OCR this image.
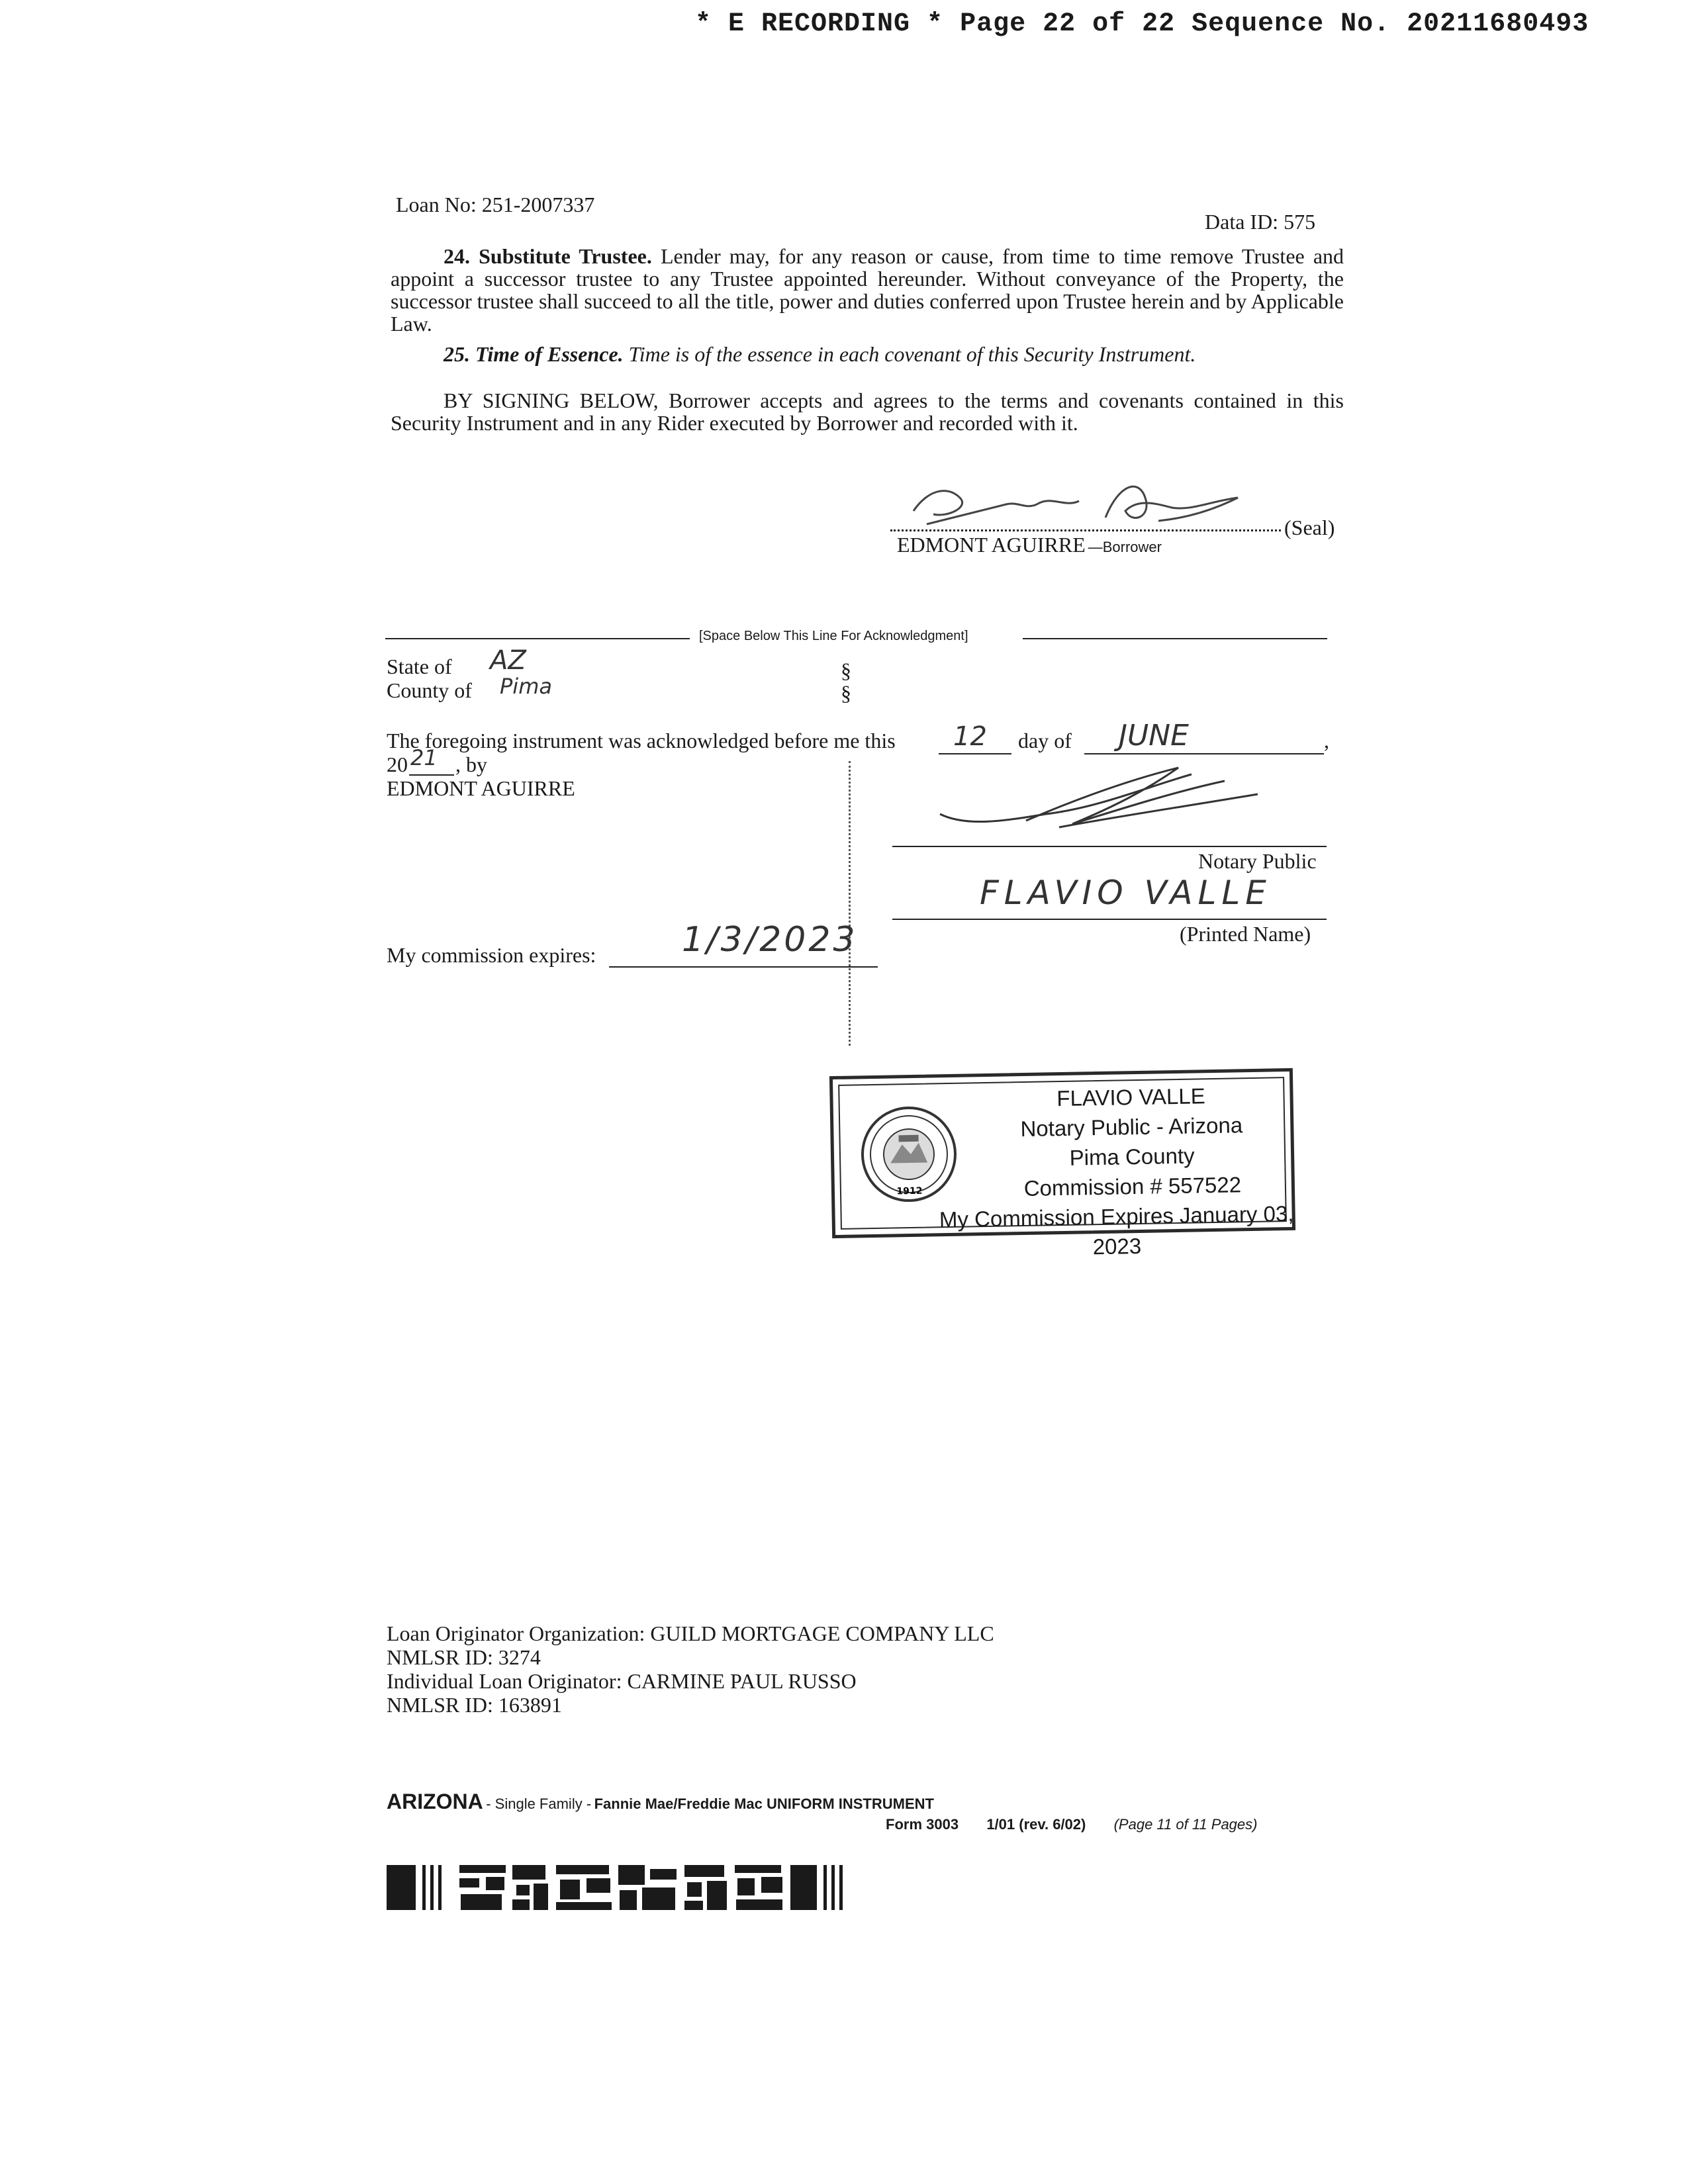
* E RECORDING * Page 22 of 22 Sequence No. 20211680493
Loan No: 251-2007337
Data ID: 575
24. Substitute Trustee. Lender may, for any reason or cause, from time to time remove Trustee and appoint a successor trustee to any Trustee appointed hereunder. Without conveyance of the Property, the successor trustee shall succeed to all the title, power and duties conferred upon Trustee herein and by Applicable Law.
25. Time of Essence. Time is of the essence in each covenant of this Security Instrument.
BY SIGNING BELOW, Borrower accepts and agrees to the terms and covenants contained in this Security Instrument and in any Rider executed by Borrower and recorded with it.
(Seal)
EDMONT AGUIRRE —Borrower
[Space Below This Line For Acknowledgment]
State of AZ
County of Pima
§
§
The foregoing instrument was acknowledged before me this 12 day of JUNE	,
20 21 , by
EDMONT AGUIRRE
Notary Public
FLAVIO VALLE
(Printed Name)
My commission expires: 1/3/2023
1912
FLAVIO VALLE
Notary Public - Arizona
Pima County
Commission # 557522
My Commission Expires January 03, 2023
Loan Originator Organization: GUILD MORTGAGE COMPANY LLC
NMLSR ID: 3274
Individual Loan Originator: CARMINE PAUL RUSSO
NMLSR ID: 163891
ARIZONA - Single Family - Fannie Mae/Freddie Mac UNIFORM INSTRUMENT
Form 3003 1/01 (rev. 6/02) (Page 11 of 11 Pages)
